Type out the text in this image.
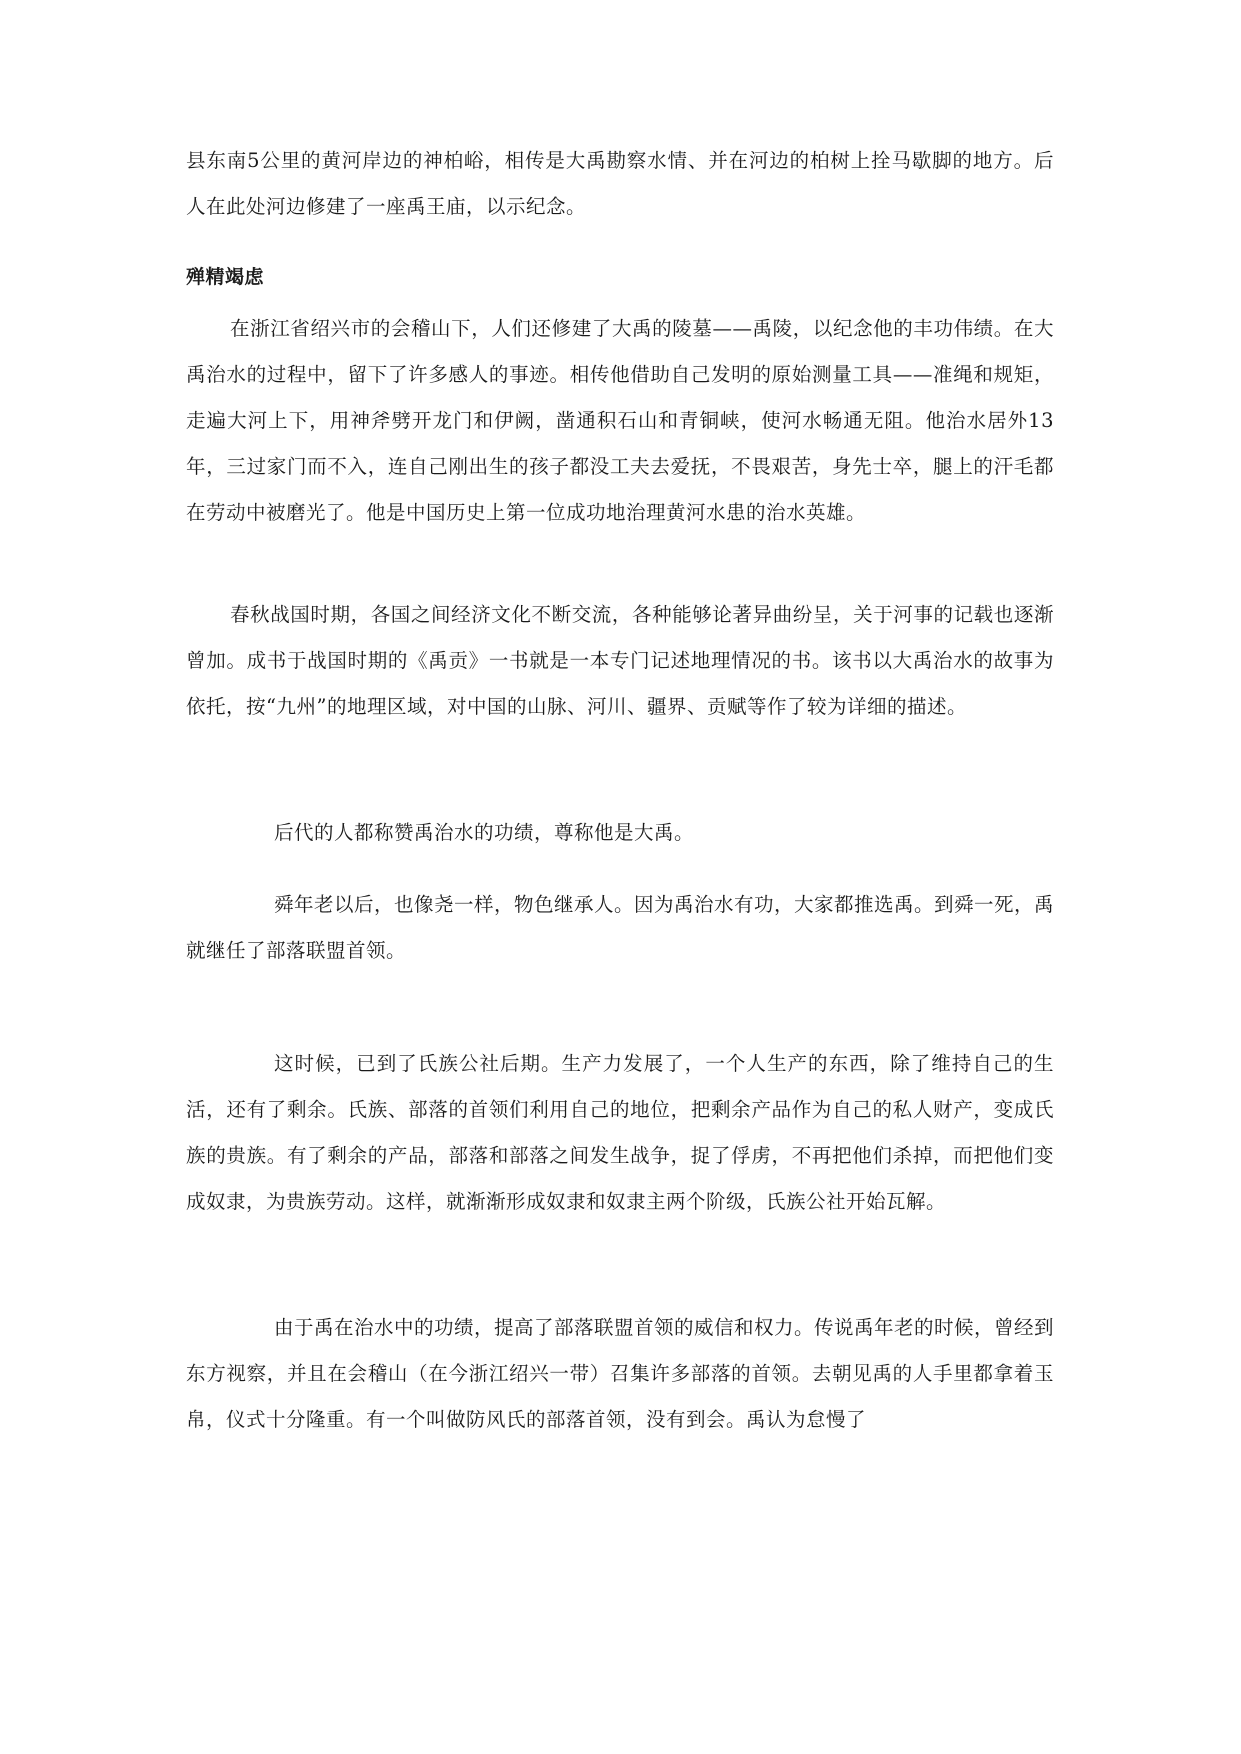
县东南5公里的黄河岸边的神柏峪，相传是大禹勘察水情、并在河边的柏树上拴马歇脚的地方。后人在此处河边修建了一座禹王庙，以示纪念。

殚精竭虑

在浙江省绍兴市的会稽山下，人们还修建了大禹的陵墓——禹陵，以纪念他的丰功伟绩。在大禹治水的过程中，留下了许多感人的事迹。相传他借助自己发明的原始测量工具——准绳和规矩，走遍大河上下，用神斧劈开龙门和伊阙，凿通积石山和青铜峡，使河水畅通无阻。他治水居外13年，三过家门而不入，连自己刚出生的孩子都没工夫去爱抚，不畏艰苦，身先士卒，腿上的汗毛都在劳动中被磨光了。他是中国历史上第一位成功地治理黄河水患的治水英雄。

春秋战国时期，各国之间经济文化不断交流，各种能够论著异曲纷呈，关于河事的记载也逐渐曾加。成书于战国时期的《禹贡》一书就是一本专门记述地理情况的书。该书以大禹治水的故事为依托，按“九州”的地理区域，对中国的山脉、河川、疆界、贡赋等作了较为详细的描述。

后代的人都称赞禹治水的功绩，尊称他是大禹。

舜年老以后，也像尧一样，物色继承人。因为禹治水有功，大家都推选禹。到舜一死，禹就继任了部落联盟首领。

这时候，已到了氏族公社后期。生产力发展了，一个人生产的东西，除了维持自己的生活，还有了剩余。氏族、部落的首领们利用自己的地位，把剩余产品作为自己的私人财产，变成氏族的贵族。有了剩余的产品，部落和部落之间发生战争，捉了俘虏，不再把他们杀掉，而把他们变成奴隶，为贵族劳动。这样，就渐渐形成奴隶和奴隶主两个阶级，氏族公社开始瓦解。

由于禹在治水中的功绩，提高了部落联盟首领的威信和权力。传说禹年老的时候，曾经到东方视察，并且在会稽山（在今浙江绍兴一带）召集许多部落的首领。去朝见禹的人手里都拿着玉帛，仪式十分隆重。有一个叫做防风氏的部落首领，没有到会。禹认为怠慢了
